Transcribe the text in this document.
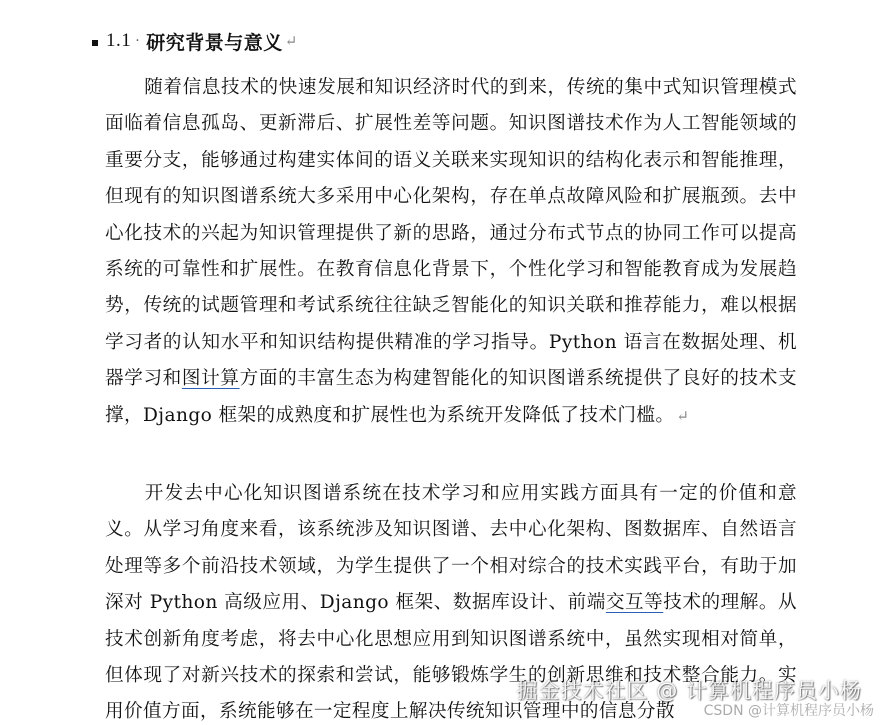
1.1 · 研究背景与意义 ↵
随着信息技术的快速发展和知识经济时代的到来，传统的集中式知识管理模式面临着信息孤岛、更新滞后、扩展性差等问题。知识图谱技术作为人工智能领域的重要分支，能够通过构建实体间的语义关联来实现知识的结构化表示和智能推理，但现有的知识图谱系统大多采用中心化架构，存在单点故障风险和扩展瓶颈。去中心化技术的兴起为知识管理提供了新的思路，通过分布式节点的协同工作可以提高系统的可靠性和扩展性。在教育信息化背景下，个性化学习和智能教育成为发展趋势，传统的试题管理和考试系统往往缺乏智能化的知识关联和推荐能力，难以根据学习者的认知水平和知识结构提供精准的学习指导。Python 语言在数据处理、机器学习和图计算方面的丰富生态为构建智能化的知识图谱系统提供了良好的技术支撑，Django 框架的成熟度和扩展性也为系统开发降低了技术门槛。 ↵
开发去中心化知识图谱系统在技术学习和应用实践方面具有一定的价值和意义。从学习角度来看，该系统涉及知识图谱、去中心化架构、图数据库、自然语言处理等多个前沿技术领域，为学生提供了一个相对综合的技术实践平台，有助于加深对 Python 高级应用、Django 框架、数据库设计、前端交互等技术的理解。从技术创新角度考虑，将去中心化思想应用到知识图谱系统中，虽然实现相对简单，但体现了对新兴技术的探索和尝试，能够锻炼学生的创新思维和技术整合能力。实用价值方面，系统能够在一定程度上解决传统知识管理中的信息分散
掘金技术社区 @ 计算机程序员小杨
CSDN @计算机程序员小杨
